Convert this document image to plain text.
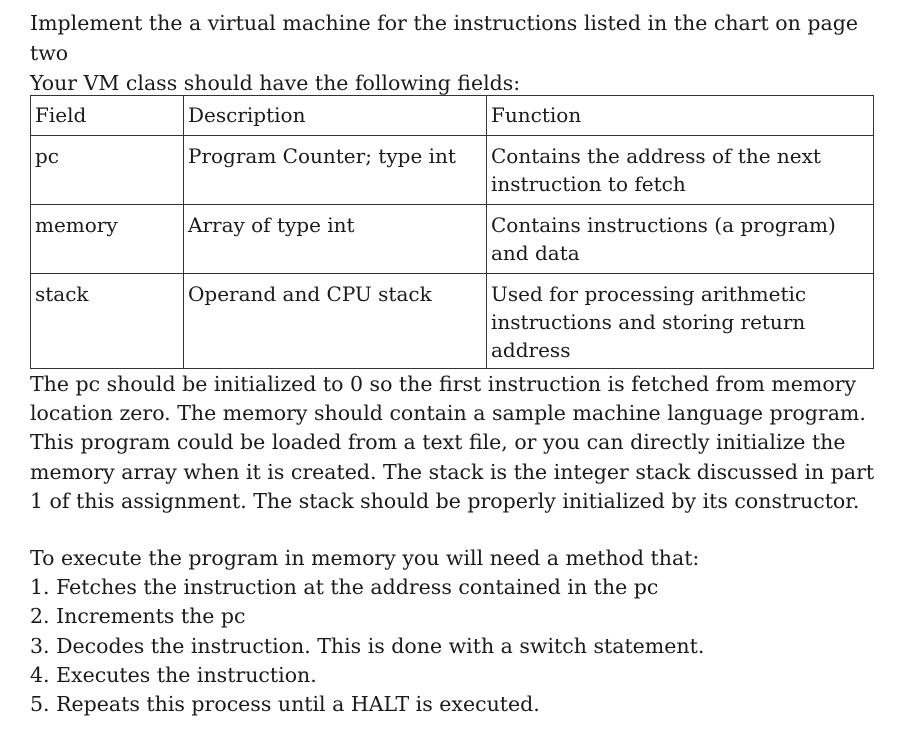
Implement the a virtual machine for the instructions listed in the chart on page two

Your VM class should have the following fields:

Field	Description	Function
pc	Program Counter; type int	Contains the address of the next instruction to fetch
memory	Array of type int	Contains instructions (a program) and data
stack	Operand and CPU stack	Used for processing arithmetic instructions and storing return address

The pc should be initialized to 0 so the first instruction is fetched from memory location zero. The memory should contain a sample machine language program. This program could be loaded from a text file, or you can directly initialize the memory array when it is created. The stack is the integer stack discussed in part 1 of this assignment. The stack should be properly initialized by its constructor.

To execute the program in memory you will need a method that:

1. Fetches the instruction at the address contained in the pc
2. Increments the pc
3. Decodes the instruction. This is done with a switch statement.
4. Executes the instruction.
5. Repeats this process until a HALT is executed.
